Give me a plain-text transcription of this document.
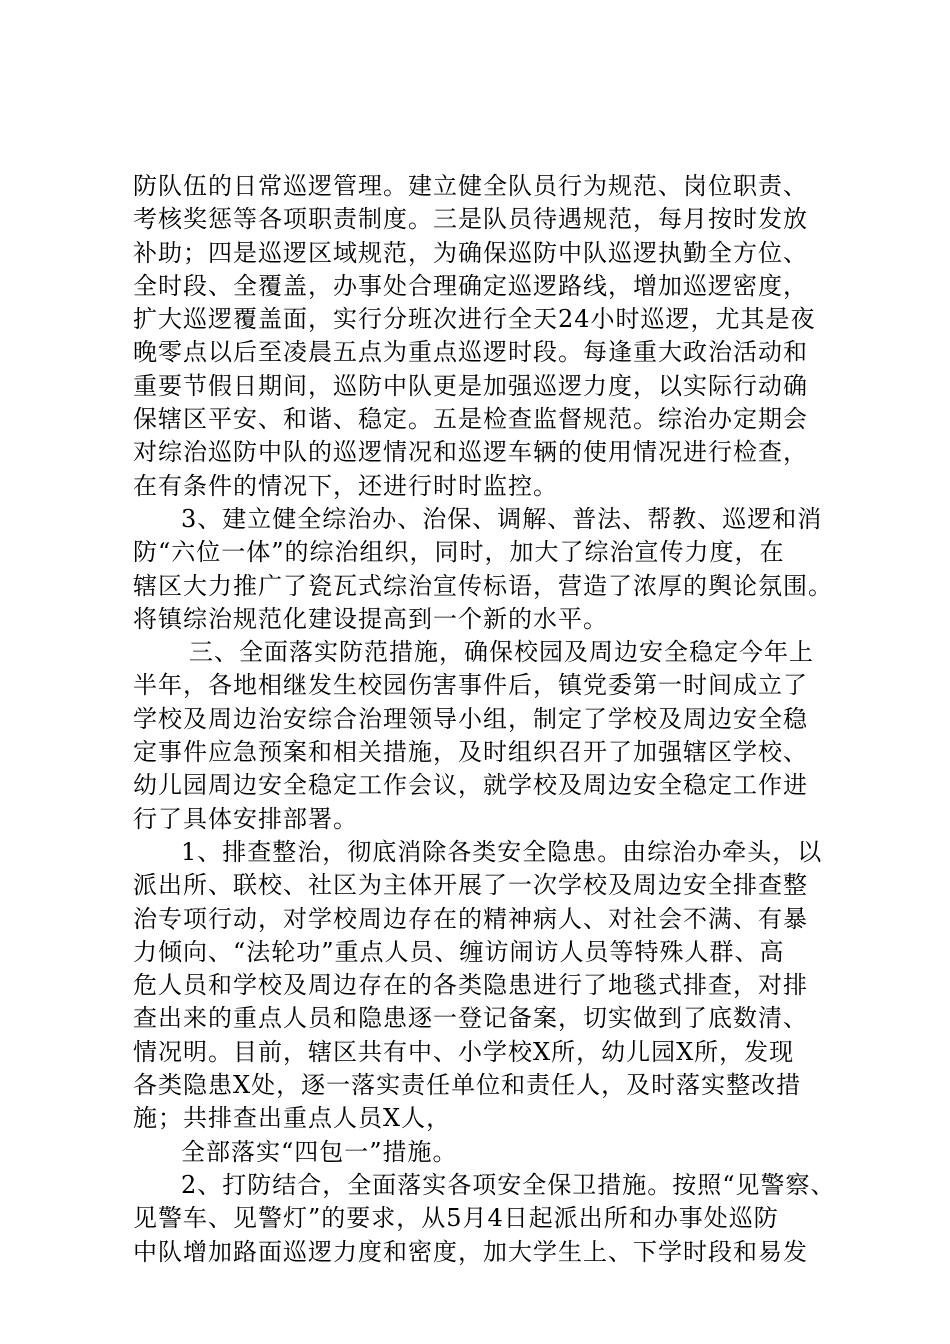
防队伍的日常巡逻管理。建立健全队员行为规范、岗位职责、
考核奖惩等各项职责制度。三是队员待遇规范，每月按时发放
补助；四是巡逻区域规范，为确保巡防中队巡逻执勤全方位、
全时段、全覆盖，办事处合理确定巡逻路线，增加巡逻密度，
扩大巡逻覆盖面，实行分班次进行全天24小时巡逻，尤其是夜
晚零点以后至凌晨五点为重点巡逻时段。每逢重大政治活动和
重要节假日期间，巡防中队更是加强巡逻力度，以实际行动确
保辖区平安、和谐、稳定。五是检查监督规范。综治办定期会
对综治巡防中队的巡逻情况和巡逻车辆的使用情况进行检查，
在有条件的情况下，还进行时时监控。
3、建立健全综治办、治保、调解、普法、帮教、巡逻和消
防“六位一体”的综治组织，同时，加大了综治宣传力度，在
辖区大力推广了瓷瓦式综治宣传标语，营造了浓厚的舆论氛围。
将镇综治规范化建设提高到一个新的水平。
三、全面落实防范措施，确保校园及周边安全稳定今年上
半年，各地相继发生校园伤害事件后，镇党委第一时间成立了
学校及周边治安综合治理领导小组，制定了学校及周边安全稳
定事件应急预案和相关措施，及时组织召开了加强辖区学校、
幼儿园周边安全稳定工作会议，就学校及周边安全稳定工作进
行了具体安排部署。
1、排查整治，彻底消除各类安全隐患。由综治办牵头，以
派出所、联校、社区为主体开展了一次学校及周边安全排查整
治专项行动，对学校周边存在的精神病人、对社会不满、有暴
力倾向、“法轮功”重点人员、缠访闹访人员等特殊人群、高
危人员和学校及周边存在的各类隐患进行了地毯式排查，对排
查出来的重点人员和隐患逐一登记备案，切实做到了底数清、
情况明。目前，辖区共有中、小学校X所，幼儿园X所，发现
各类隐患X处，逐一落实责任单位和责任人，及时落实整改措
施；共排查出重点人员X人，
全部落实“四包一”措施。
2、打防结合，全面落实各项安全保卫措施。按照“见警察、
见警车、见警灯”的要求，从5月4日起派出所和办事处巡防
中队增加路面巡逻力度和密度，加大学生上、下学时段和易发
